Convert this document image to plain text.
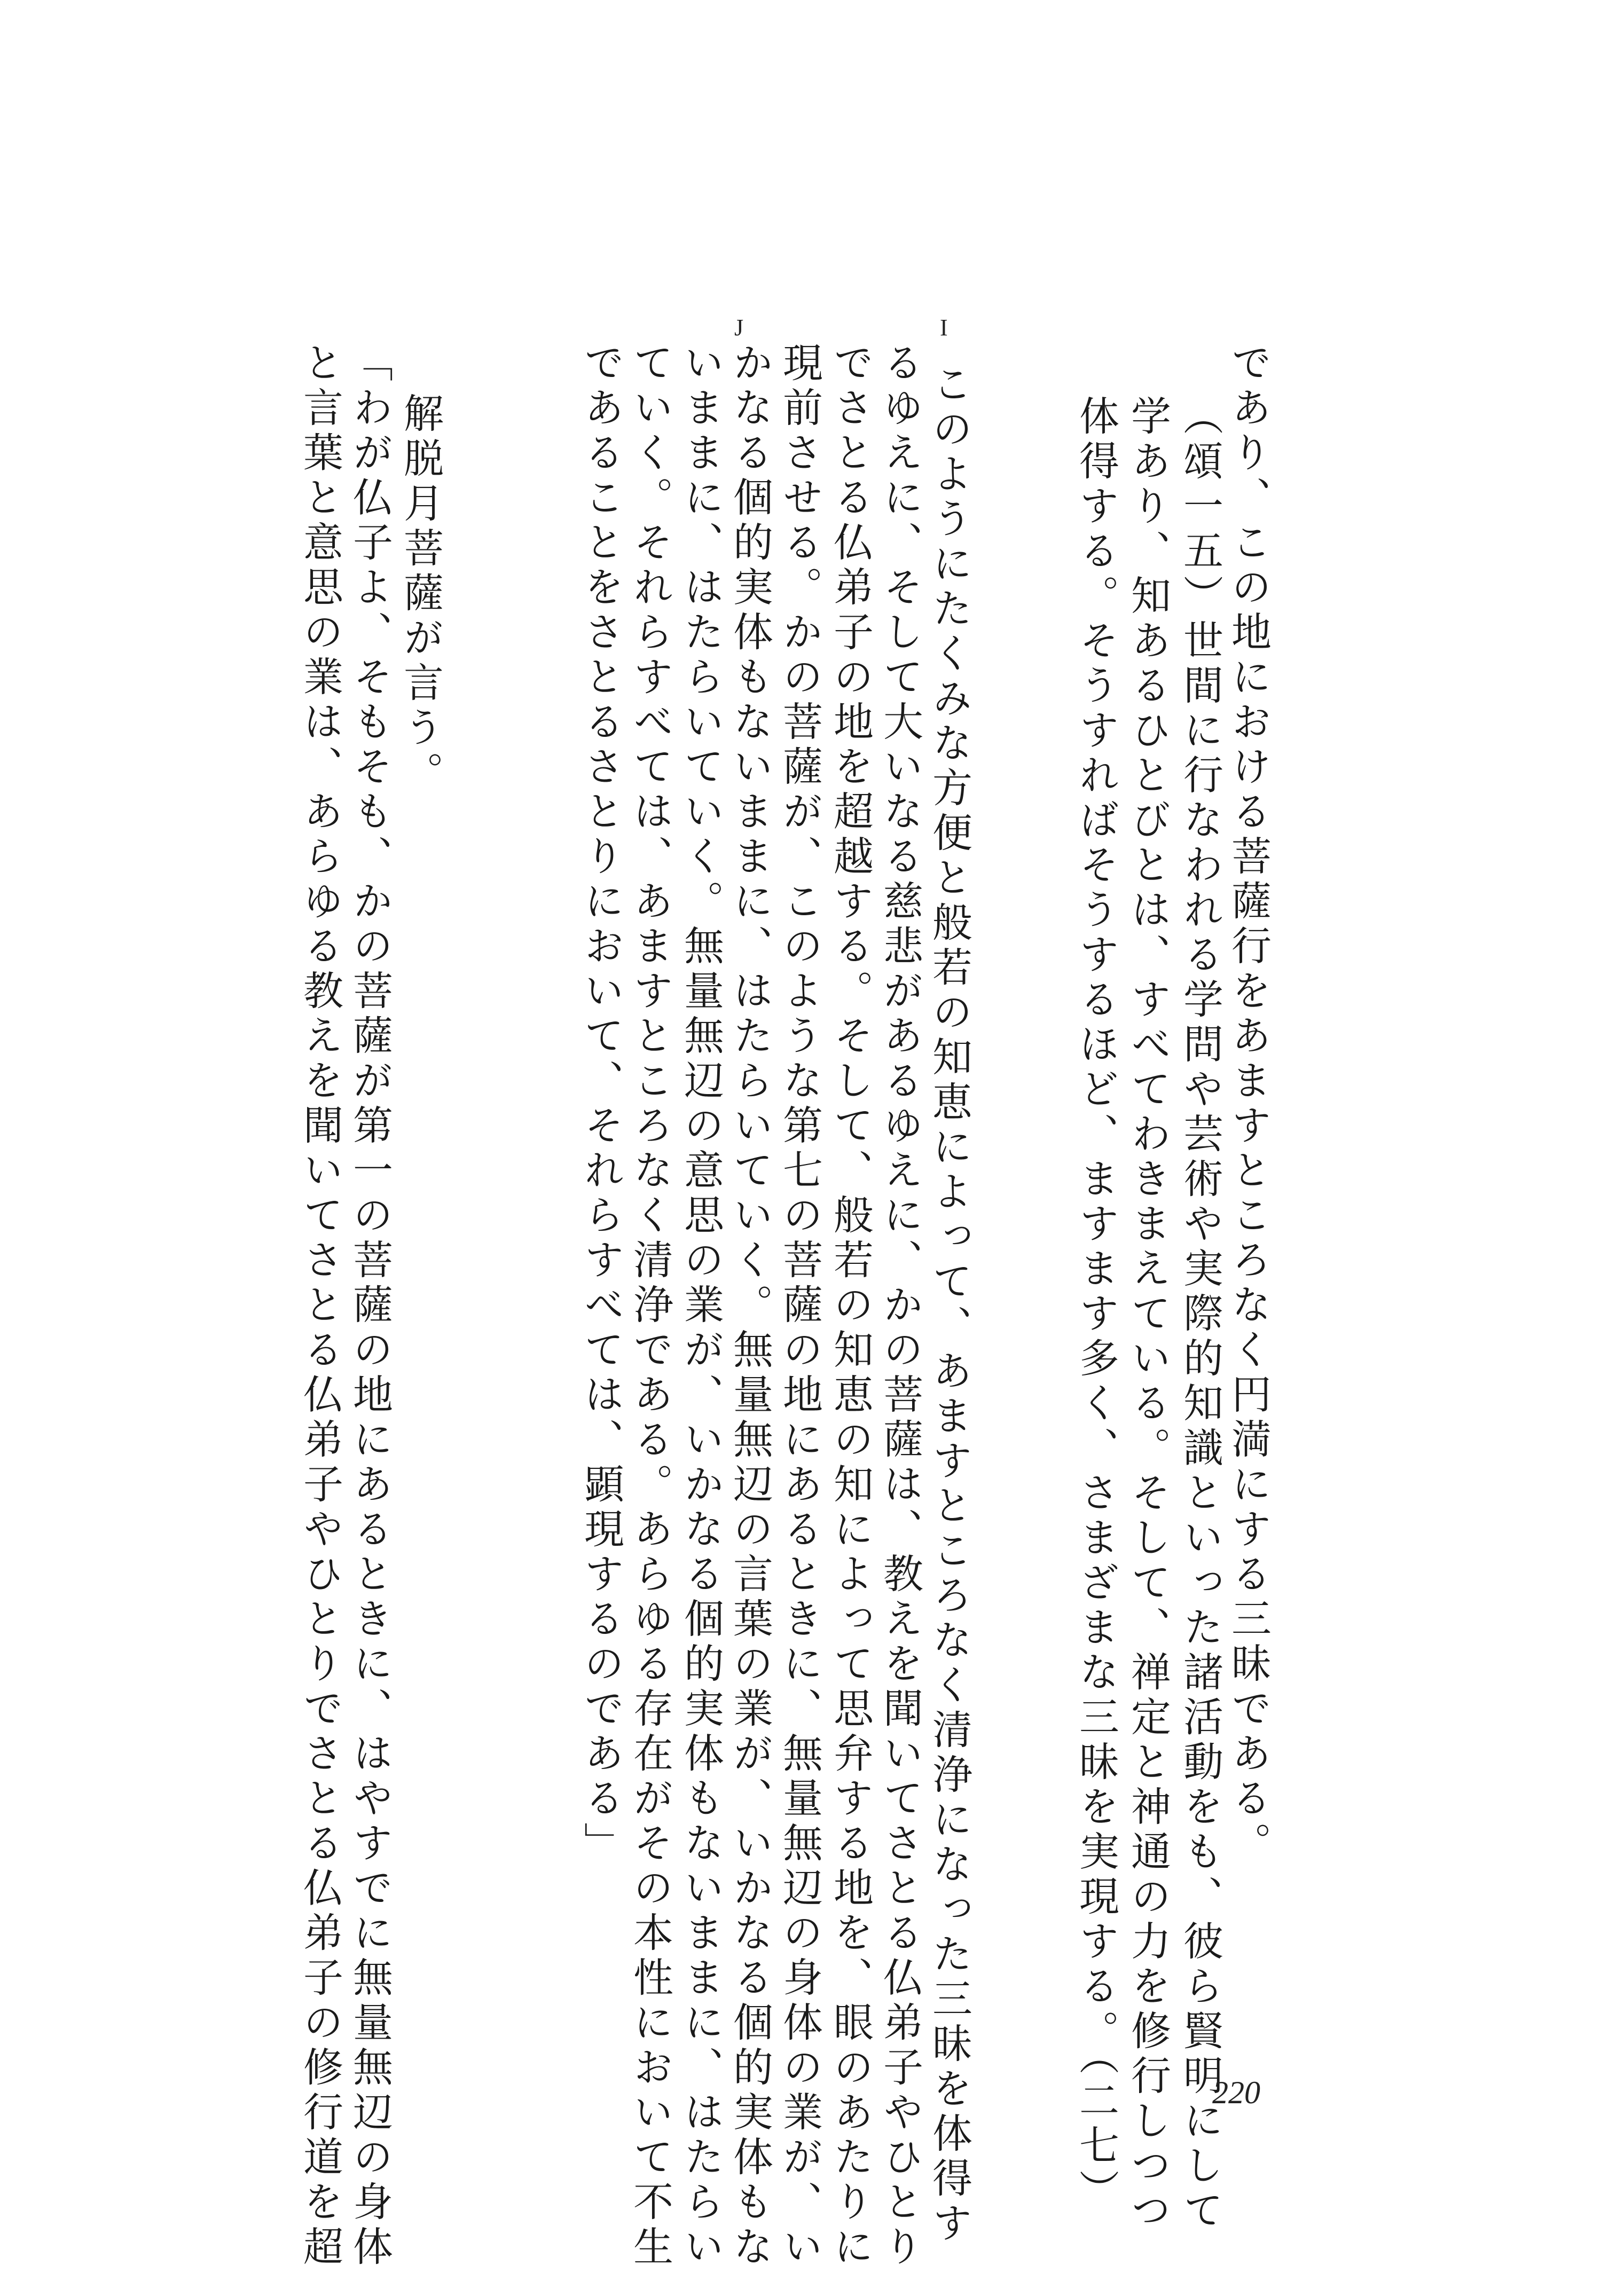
であり、この地における菩薩行をあますところなく円満にする三昧である。
（頌一五）世間に行なわれる学問や芸術や実際的知識といった諸活動をも、彼ら賢明にして
学あり、知あるひとびとは、すべてわきまえている。そして、禅定と神通の力を修行しつつ
体得する。そうすればそうするほど、ますます多く、さまざまな三昧を実現する。（二七）
I
J
このようにたくみな方便と般若の知恵によって、あますところなく清浄になった三昧を体得す
るゆえに、そして大いなる慈悲があるゆえに、かの菩薩は、教えを聞いてさとる仏弟子やひとり
でさとる仏弟子の地を超越する。そして、般若の知恵の知によって思弁する地を、眼のあたりに
現前させる。かの菩薩が、このような第七の菩薩の地にあるときに、無量無辺の身体の業が、い
かなる個的実体もないままに、はたらいていく。無量無辺の言葉の業が、いかなる個的実体もな
いままに、はたらいていく。無量無辺の意思の業が、いかなる個的実体もないままに、はたらい
ていく。それらすべては、あますところなく清浄である。あらゆる存在がその本性において不生
であることをさとるさとりにおいて、それらすべては、顕現するのである」
解脱月菩薩が言う。
「わが仏子よ、そもそも、かの菩薩が第一の菩薩の地にあるときに、はやすでに無量無辺の身体
と言葉と意思の業は、あらゆる教えを聞いてさとる仏弟子やひとりでさとる仏弟子の修行道を超	220
